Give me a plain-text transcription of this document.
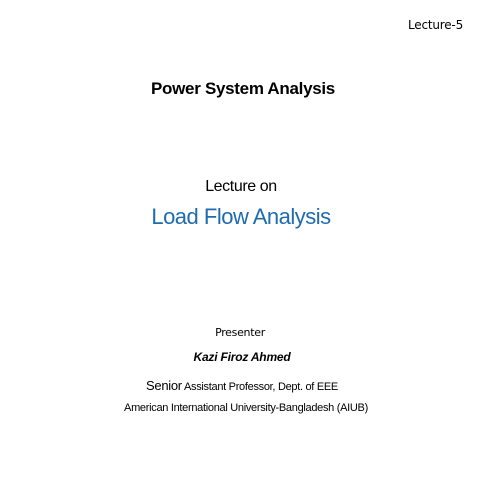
Lecture-5
Power System Analysis
Lecture on
Load Flow Analysis
Presenter
Kazi Firoz Ahmed
Senior Assistant Professor, Dept. of EEE
American International University-Bangladesh (AIUB)
